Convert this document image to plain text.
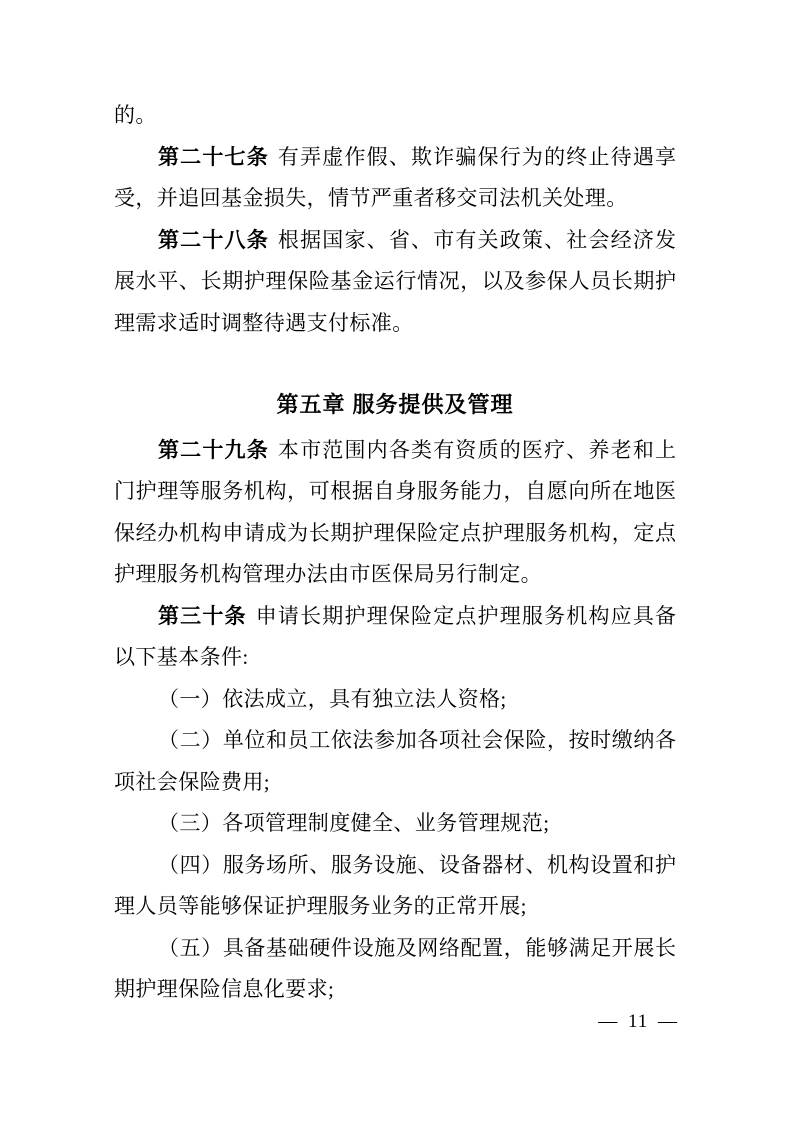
的。

第二十七条 有弄虚作假、欺诈骗保行为的终止待遇享

受，并追回基金损失，情节严重者移交司法机关处理。

第二十八条 根据国家、省、市有关政策、社会经济发

展水平、长期护理保险基金运行情况，以及参保人员长期护

理需求适时调整待遇支付标准。

第五章 服务提供及管理

第二十九条 本市范围内各类有资质的医疗、养老和上

门护理等服务机构，可根据自身服务能力，自愿向所在地医

保经办机构申请成为长期护理保险定点护理服务机构，定点

护理服务机构管理办法由市医保局另行制定。

第三十条 申请长期护理保险定点护理服务机构应具备

以下基本条件:

（一）依法成立，具有独立法人资格;

（二）单位和员工依法参加各项社会保险，按时缴纳各

项社会保险费用;

（三）各项管理制度健全、业务管理规范;

（四）服务场所、服务设施、设备器材、机构设置和护

理人员等能够保证护理服务业务的正常开展;

（五）具备基础硬件设施及网络配置，能够满足开展长

期护理保险信息化要求;

— 11 —
